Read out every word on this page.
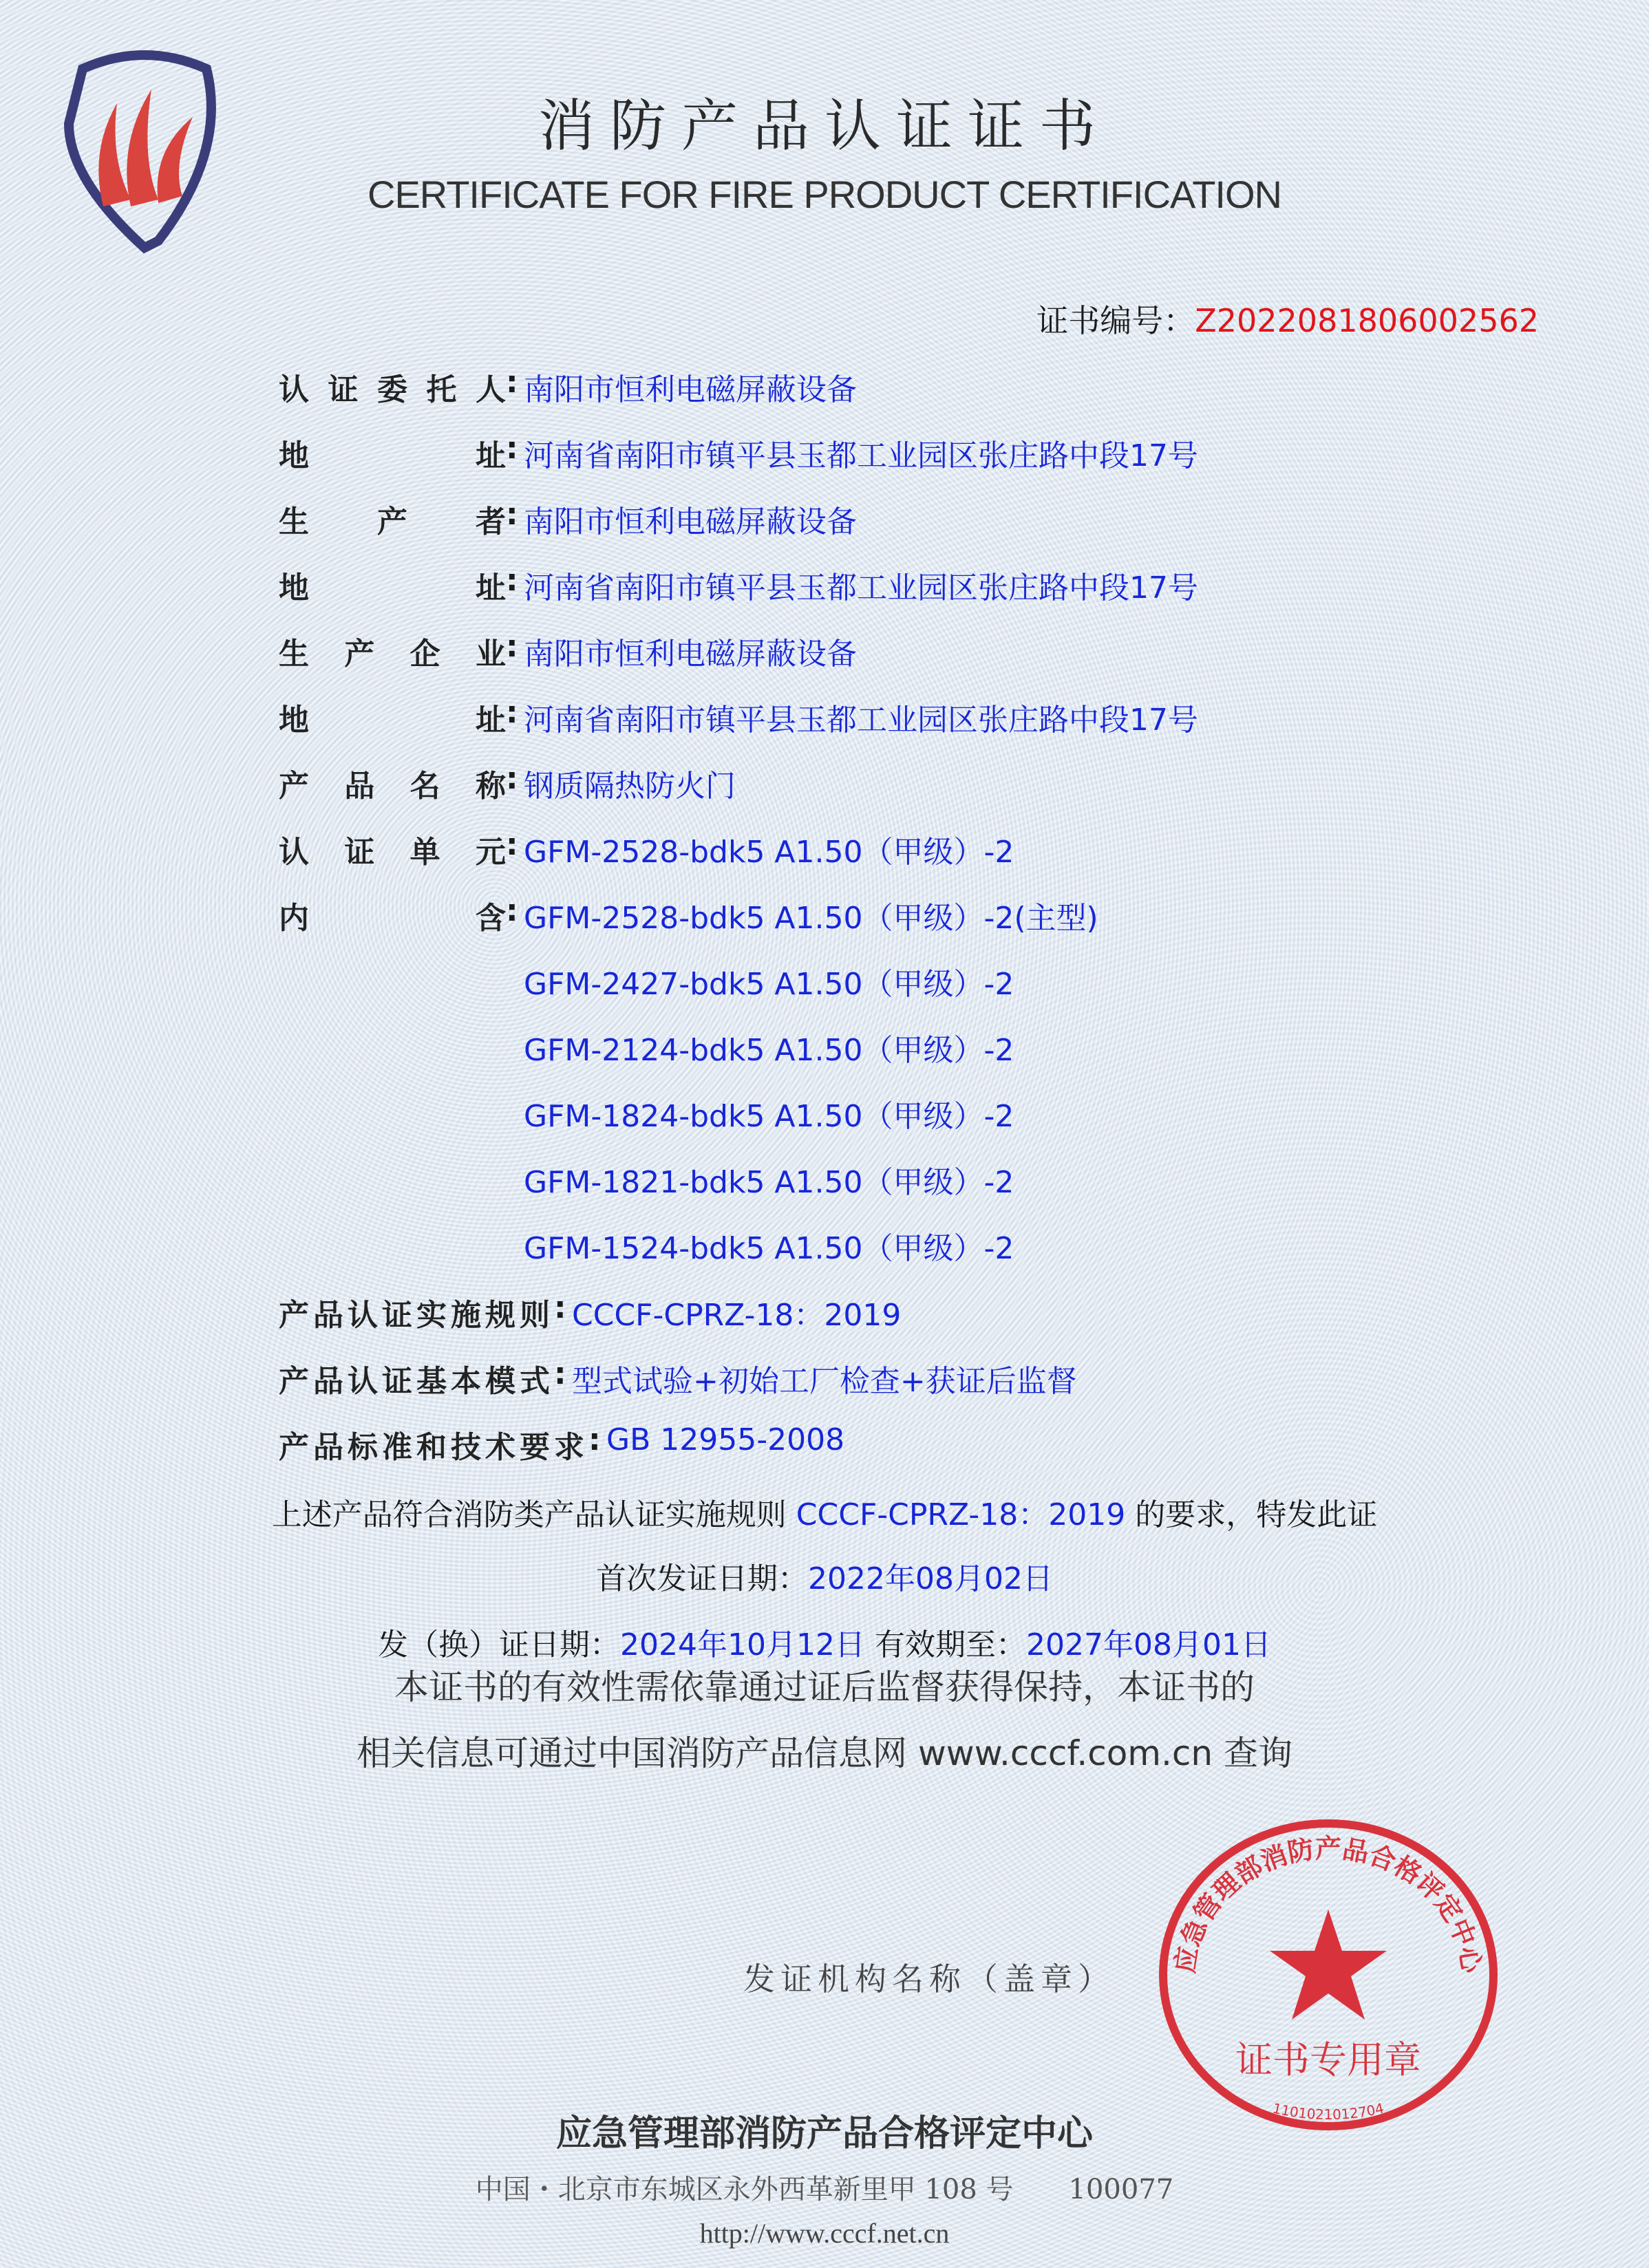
消防产品认证证书
CERTIFICATE FOR FIRE PRODUCT CERTIFICATION
证书编号：Z2022081806002562
认 证 委 托 人 : 南阳市恒利电磁屏蔽设备
地	址 : 河南省南阳市镇平县玉都工业园区张庄路中段17号
生 产 者 : 南阳市恒利电磁屏蔽设备
地	址 : 河南省南阳市镇平县玉都工业园区张庄路中段17号
生 产 企 业 : 南阳市恒利电磁屏蔽设备
地	址 : 河南省南阳市镇平县玉都工业园区张庄路中段17号
产 品 名 称 : 钢质隔热防火门
认 证 单 元 : GFM-2528-bdk5 A1.50（甲级）-2
内	含 : GFM-2528-bdk5 A1.50（甲级）-2(主型)
GFM-2427-bdk5 A1.50（甲级）-2
GFM-2124-bdk5 A1.50（甲级）-2
GFM-1824-bdk5 A1.50（甲级）-2
GFM-1821-bdk5 A1.50（甲级）-2
GFM-1524-bdk5 A1.50（甲级）-2
产品认证实施规则 : CCCF-CPRZ-18：2019
产品认证基本模式 : 型式试验+初始工厂检查+获证后监督
产品标准和技术要求 : GB 12955-2008
上述产品符合消防类产品认证实施规则 CCCF-CPRZ-18：2019 的要求，特发此证
首次发证日期：2022年08月02日
发（换）证日期：2024年10月12日 有效期至：2027年08月01日
本证书的有效性需依靠通过证后监督获得保持，本证书的
相关信息可通过中国消防产品信息网 www.cccf.com.cn 查询
应急管理部消防产品合格评定中心
证书专用章
1101021012704
发证机构名称（盖章）
应急管理部消防产品合格评定中心
中国・北京市东城区永外西革新里甲 108 号　　100077
http://www.cccf.net.cn
